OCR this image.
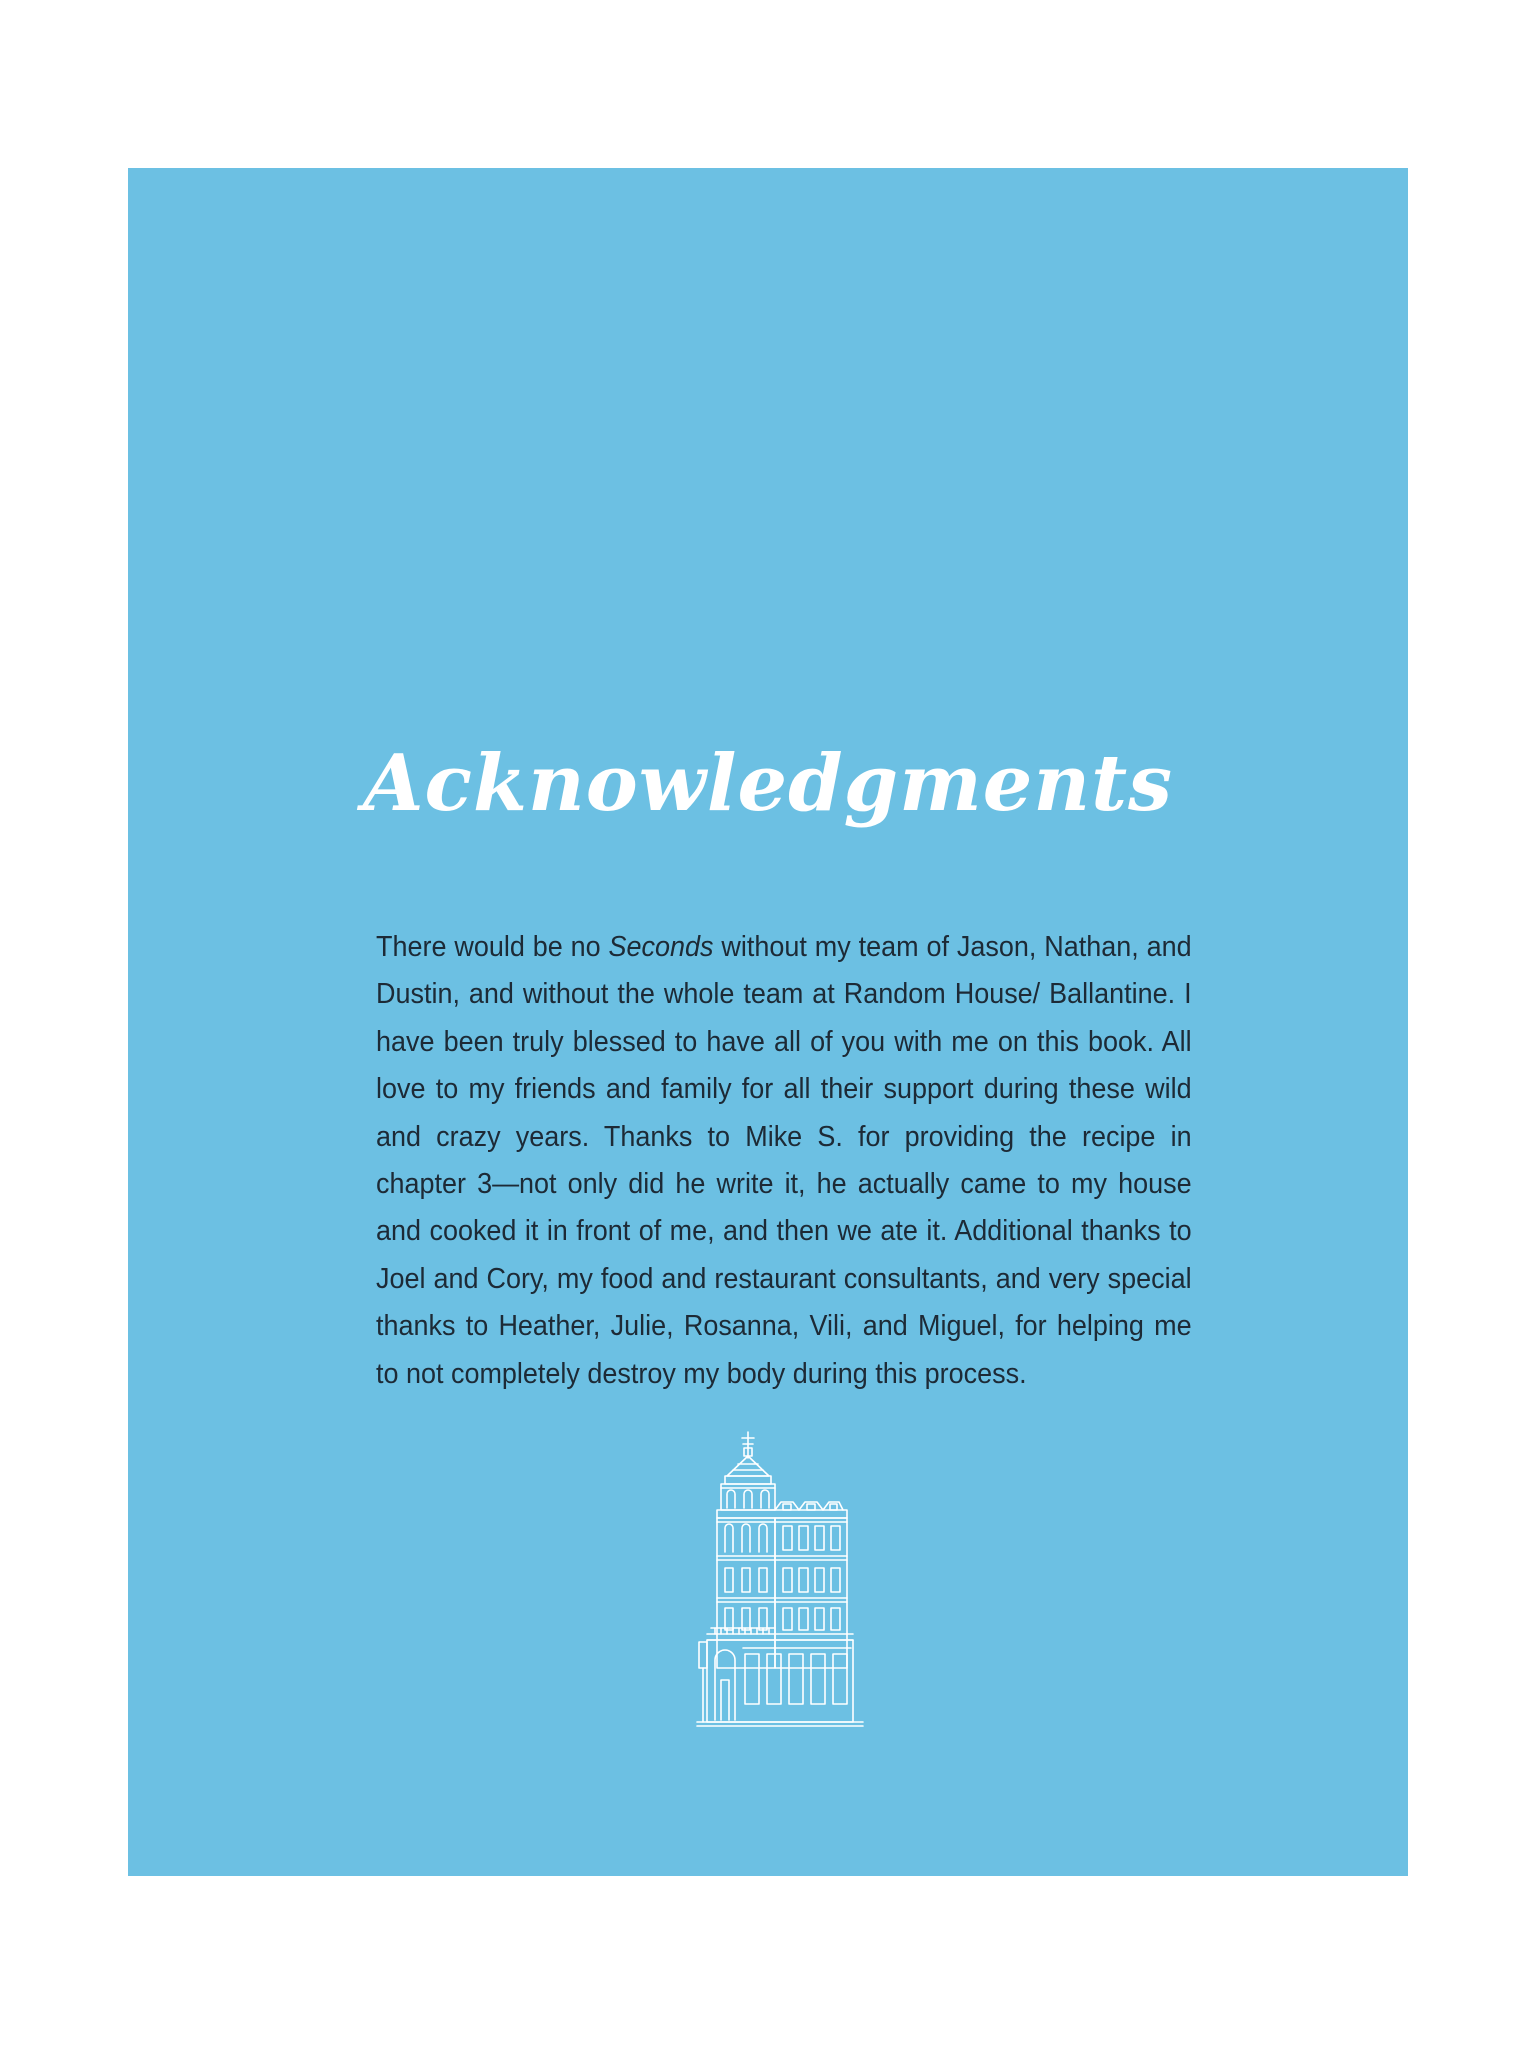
Acknowledgments

There would be no Seconds without my team of Jason, Nathan, and Dustin, and without the whole team at Random House/ Ballantine. I have been truly blessed to have all of you with me on this book. All love to my friends and family for all their support during these wild and crazy years. Thanks to Mike S. for providing the recipe in chapter 3—not only did he write it, he actually came to my house and cooked it in front of me, and then we ate it. Additional thanks to Joel and Cory, my food and restaurant consultants, and very special thanks to Heather, Julie, Rosanna, Vili, and Miguel, for helping me to not completely destroy my body during this process.
